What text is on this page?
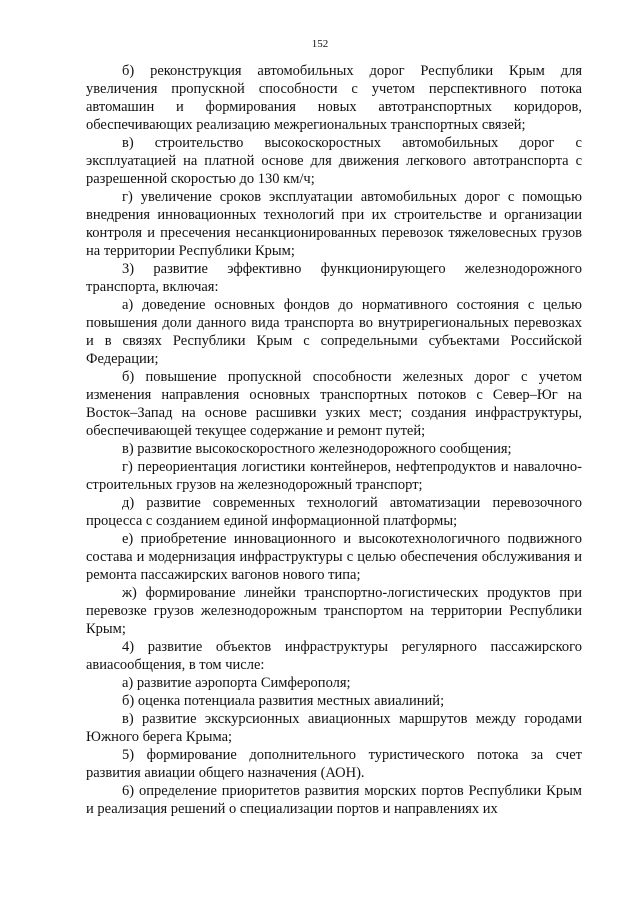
152

б) реконструкция автомобильных дорог Республики Крым для увеличения пропускной способности с учетом перспективного потока автомашин и формирования новых автотранспортных коридоров, обеспечивающих реализацию межрегиональных транспортных связей;

в) строительство высокоскоростных автомобильных дорог с эксплуатацией на платной основе для движения легкового автотранспорта с разрешенной скоростью до 130 км/ч;

г) увеличение сроков эксплуатации автомобильных дорог с помощью внедрения инновационных технологий при их строительстве и организации контроля и пресечения несанкционированных перевозок тяжеловесных грузов на территории Республики Крым;

3) развитие эффективно функционирующего железнодорожного транспорта, включая:

а) доведение основных фондов до нормативного состояния с целью повышения доли данного вида транспорта во внутрирегиональных перевозках и в связях Республики Крым с сопредельными субъектами Российской Федерации;

б) повышение пропускной способности железных дорог с учетом изменения направления основных транспортных потоков с Север–Юг на Восток–Запад на основе расшивки узких мест; создания инфраструктуры, обеспечивающей текущее содержание и ремонт путей;

в) развитие высокоскоростного железнодорожного сообщения;

г) переориентация логистики контейнеров, нефтепродуктов и навалочно-строительных грузов на железнодорожный транспорт;

д) развитие современных технологий автоматизации перевозочного процесса с созданием единой информационной платформы;

е) приобретение инновационного и высокотехнологичного подвижного состава и модернизация инфраструктуры с целью обеспечения обслуживания и ремонта пассажирских вагонов нового типа;

ж) формирование линейки транспортно-логистических продуктов при перевозке грузов железнодорожным транспортом на территории Республики Крым;

4) развитие объектов инфраструктуры регулярного пассажирского авиасообщения, в том числе:

а) развитие аэропорта Симферополя;

б) оценка потенциала развития местных авиалиний;

в) развитие экскурсионных авиационных маршрутов между городами Южного берега Крыма;

5) формирование дополнительного туристического потока за счет развития авиации общего назначения (АОН).

6) определение приоритетов развития морских портов Республики Крым и реализация решений о специализации портов и направлениях их
